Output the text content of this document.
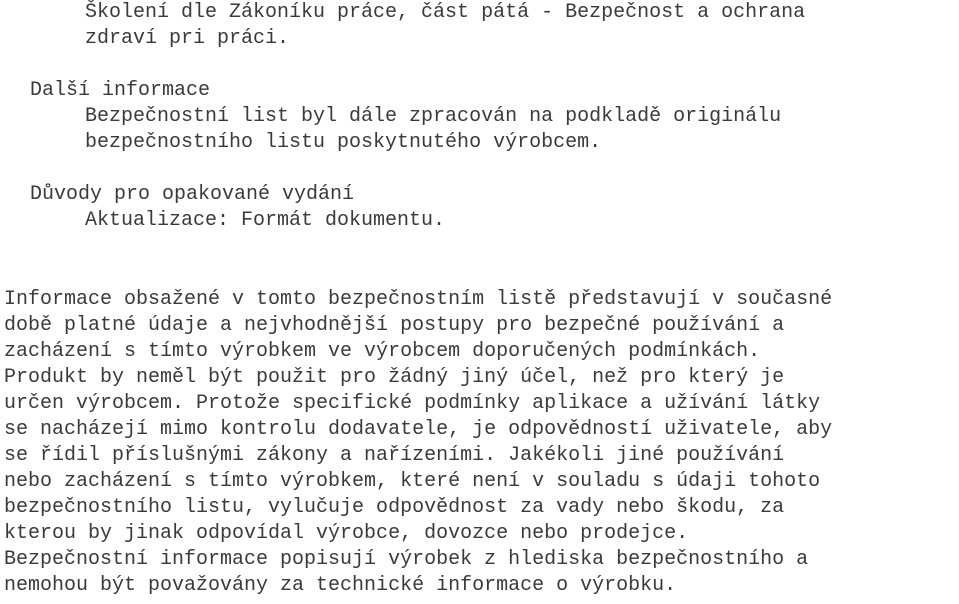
Školení dle Zákoníku práce, část pátá - Bezpečnost a ochrana
zdraví pri práci.
Další informace
Bezpečnostní list byl dále zpracován na podkladě originálu
bezpečnostního listu poskytnutého výrobcem.
Důvody pro opakované vydání
Aktualizace: Formát dokumentu.
Informace obsažené v tomto bezpečnostním listě představují v současné
době platné údaje a nejvhodnější postupy pro bezpečné používání a
zacházení s tímto výrobkem ve výrobcem doporučených podmínkách.
Produkt by neměl být použit pro žádný jiný účel, než pro který je
určen výrobcem. Protože specifické podmínky aplikace a užívání látky
se nacházejí mimo kontrolu dodavatele, je odpovědností uživatele, aby
se řídil příslušnými zákony a nařízeními. Jakékoli jiné používání
nebo zacházení s tímto výrobkem, které není v souladu s údaji tohoto
bezpečnostního listu, vylučuje odpovědnost za vady nebo škodu, za
kterou by jinak odpovídal výrobce, dovozce nebo prodejce.
Bezpečnostní informace popisují výrobek z hlediska bezpečnostního a
nemohou být považovány za technické informace o výrobku.
